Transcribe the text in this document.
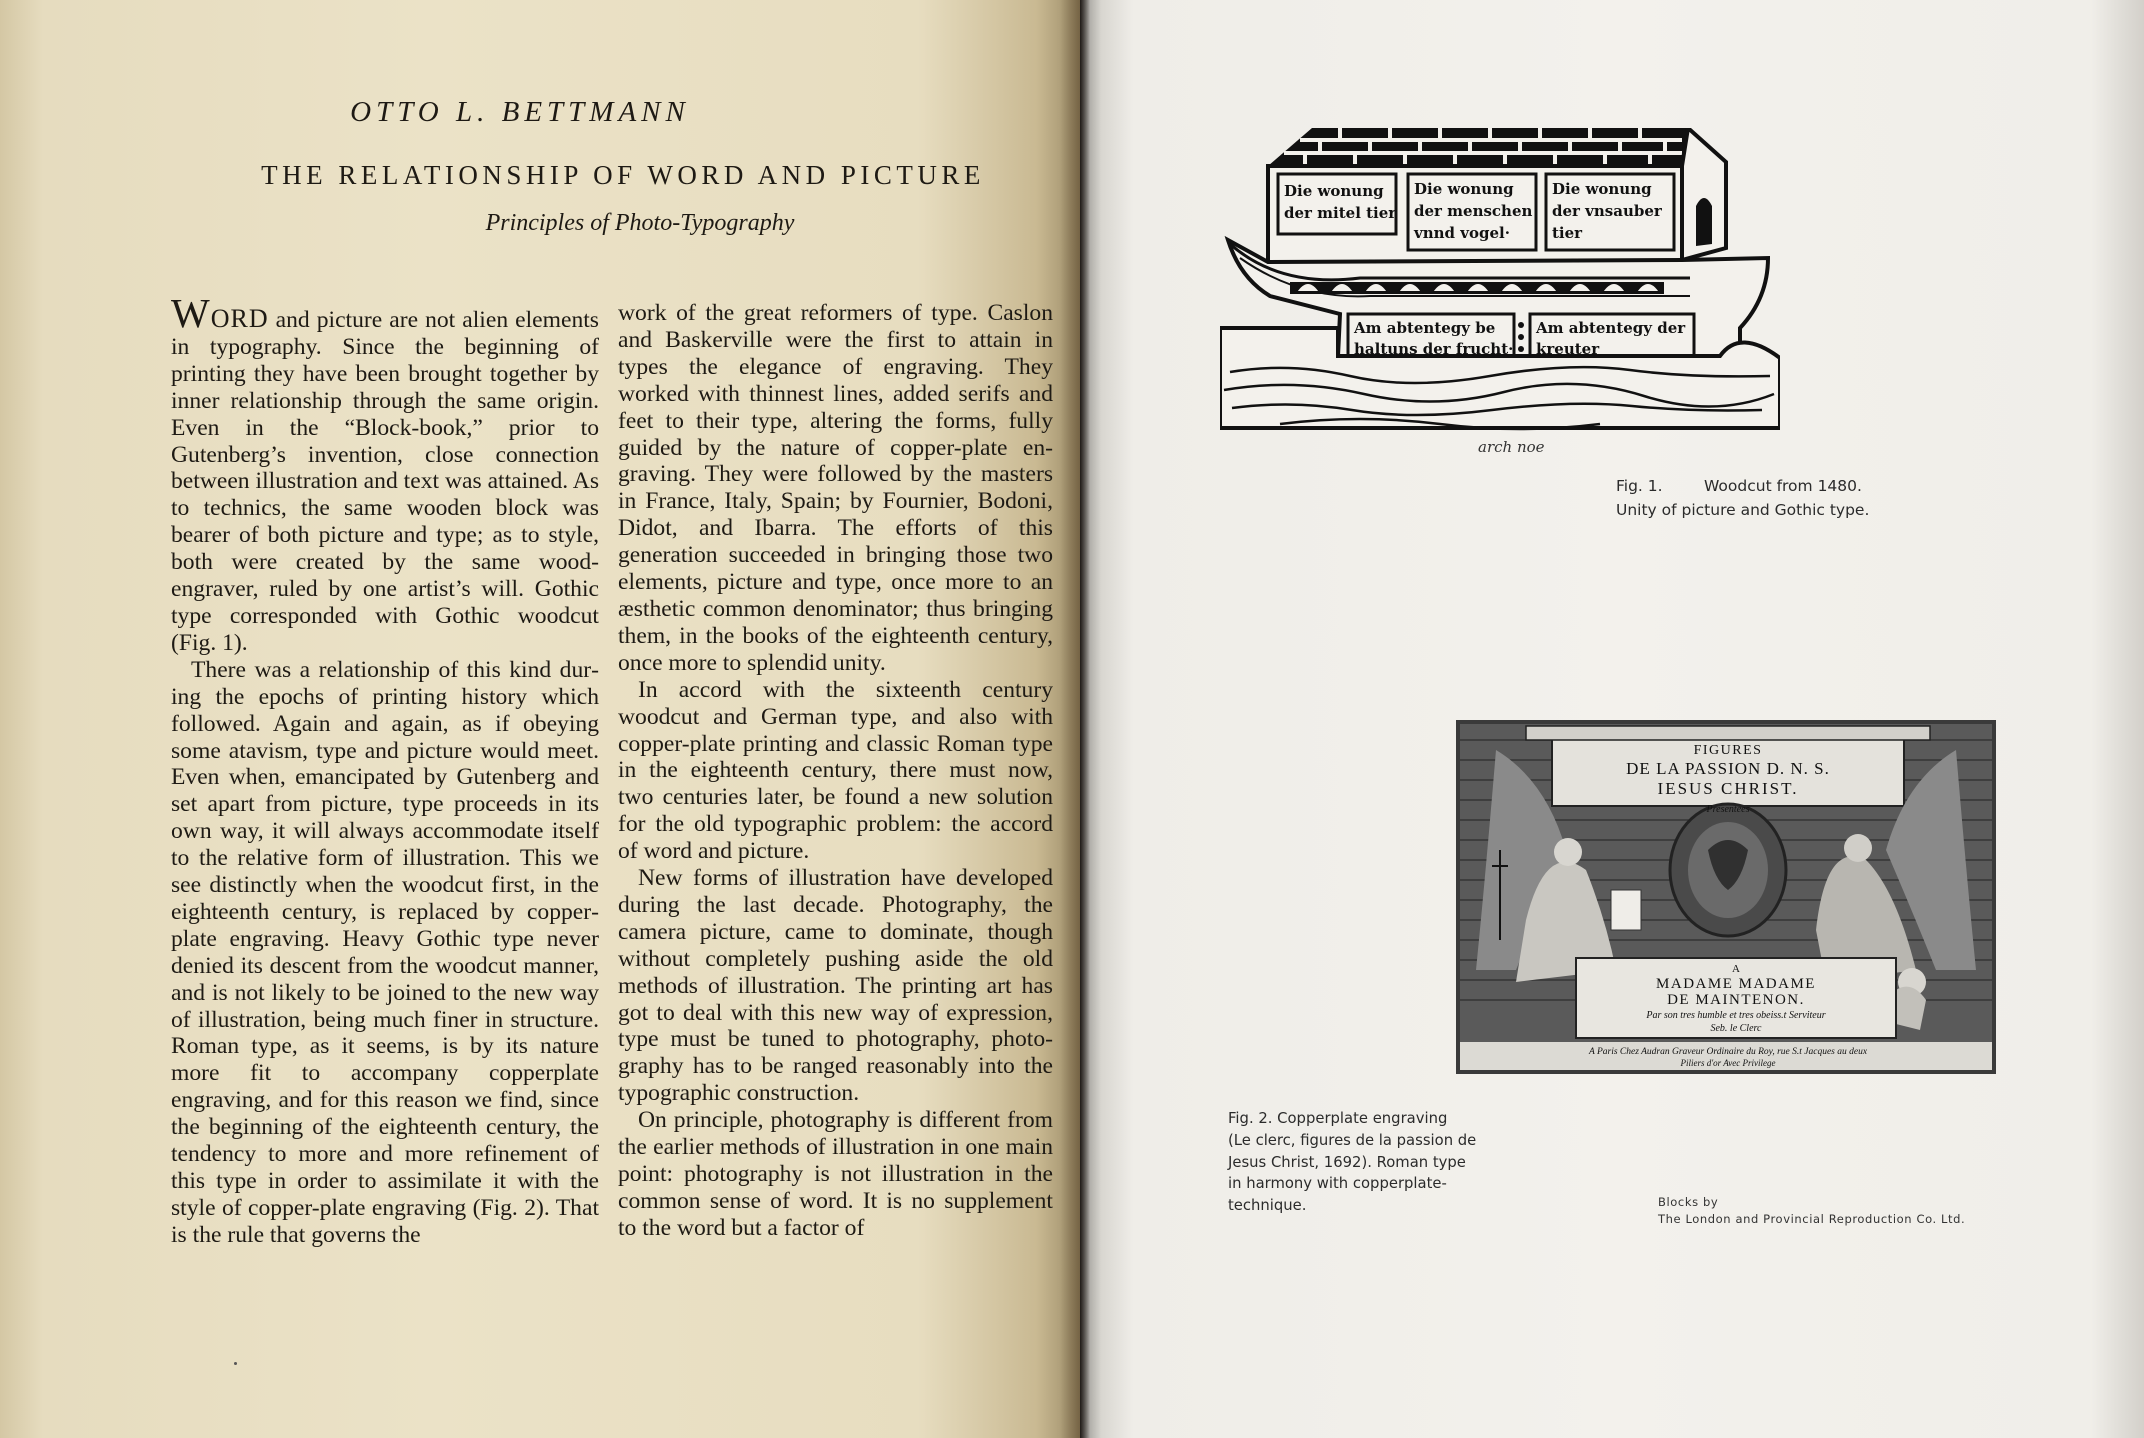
OTTO L. BETTMANN
THE RELATIONSHIP OF WORD AND PICTURE
Principles of Photo-Typography

WORD and picture are not alien elements in typography. Since the beginning of printing they have been brought together by inner relationship through the same origin. Even in the “Block-book,” prior to Gutenberg’s invention, close connection between illustration and text was attained. As to technics, the same wooden block was bearer of both picture and type; as to style, both were created by the same wood-engraver, ruled by one artist’s will. Gothic type corresponded with Gothic woodcut (Fig. 1).

There was a relationship of this kind during the epochs of printing history which followed. Again and again, as if obeying some atavism, type and picture would meet. Even when, emancipated by Gutenberg and set apart from picture, type proceeds in its own way, it will always accommodate itself to the relative form of illustration. This we see distinctly when the woodcut first, in the eighteenth century, is replaced by copperplate engraving. Heavy Gothic type never denied its descent from the woodcut manner, and is not likely to be joined to the new way of illustration, being much finer in structure. Roman type, as it seems, is by its nature more fit to accompany copperplate engraving, and for this reason we find, since the beginning of the eighteenth century, the tendency to more and more refinement of this type in order to assimilate it with the style of copper-plate engraving (Fig. 2). That is the rule that governs the

work of the great reformers of type. Caslon and Baskerville were the first to attain in types the elegance of engraving. They worked with thinnest lines, added serifs and feet to their type, altering the forms, fully guided by the nature of copper-plate engraving. They were followed by the masters in France, Italy, Spain; by Fournier, Bodoni, Didot, and Ibarra. The efforts of this generation succeeded in bringing those two elements, picture and type, once more to an æsthetic common denominator; thus bringing them, in the books of the eighteenth century, once more to splendid unity.

In accord with the sixteenth century woodcut and German type, and also with copper-plate printing and classic Roman type in the eighteenth century, there must now, two centuries later, be found a new solution for the old typographic problem: the accord of word and picture.

New forms of illustration have developed during the last decade. Photography, the camera picture, came to dominate, though without completely pushing aside the old methods of illustration. The printing art has got to deal with this new way of expression, type must be tuned to photography, photography has to be ranged reasonably into the typographic construction.

On principle, photography is different from the earlier methods of illustration in one main point: photography is not illustration in the common sense of word. It is no supplement to the word but a factor of

Die wonung
der mitel tier
Die wonung
der menschen
vnnd vogel·
Die wonung
der vnsauber
tier
Am abtentegy be
haltuns der frucht·
Am abtentegy der
kreuter
arch noe
Fig. 1.	Woodcut from 1480.
Unity of picture and Gothic type.
FIGURES
DE LA PASSION D. N. S.
IESUS CHRIST.
Presentees
A
MADAME MADAME
DE MAINTENON.
Par son tres humble et tres obeiss.t Serviteur
Seb. le Clerc
A Paris Chez Audran Graveur Ordinaire du Roy, rue S.t Jacques au deux
Piliers d'or Avec Privilege
Fig. 2. Copperplate engraving
(Le clerc, figures de la passion de
Jesus Christ, 1692). Roman type
in harmony with copperplate-
technique.	Blocks by
The London and Provincial Reproduction Co. Ltd.
